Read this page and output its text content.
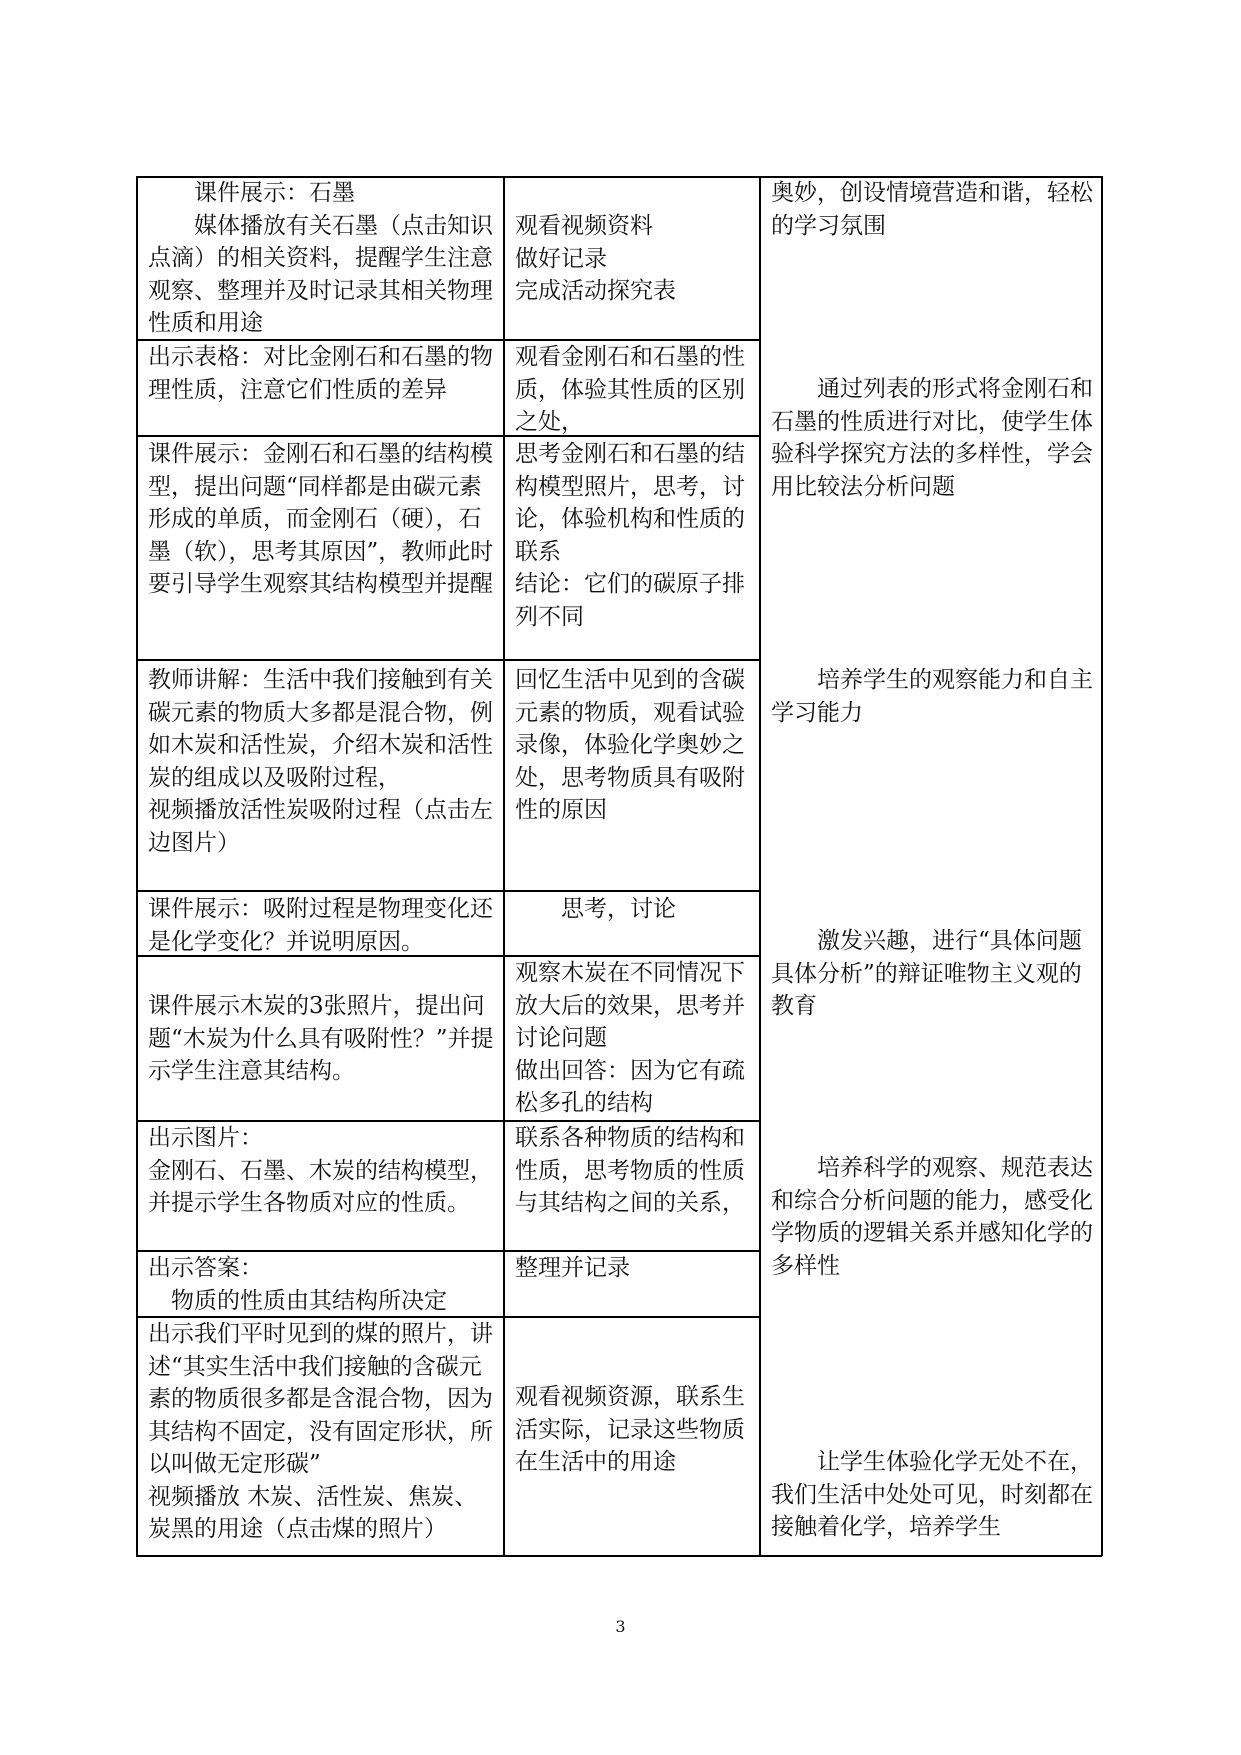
　　课件展示：石墨
　　媒体播放有关石墨（点击知识点滴）的相关资料，提醒学生注意观察、整理并及时记录其相关物理性质和用途
出示表格：对比金刚石和石墨的物理性质，注意它们性质的差异
课件展示：金刚石和石墨的结构模型，提出问题“同样都是由碳元素形成的单质，而金刚石（硬），石墨（软），思考其原因”，教师此时要引导学生观察其结构模型并提醒
教师讲解：生活中我们接触到有关碳元素的物质大多都是混合物，例如木炭和活性炭，介绍木炭和活性炭的组成以及吸附过程，
视频播放活性炭吸附过程（点击左边图片）
课件展示：吸附过程是物理变化还是化学变化？并说明原因。
课件展示木炭的3张照片，提出问题“木炭为什么具有吸附性？”并提示学生注意其结构。
出示图片：
金刚石、石墨、木炭的结构模型，并提示学生各物质对应的性质。
出示答案：
　物质的性质由其结构所决定
出示我们平时见到的煤的照片，讲述“其实生活中我们接触的含碳元素的物质很多都是含混合物，因为其结构不固定，没有固定形状，所以叫做无定形碳”
视频播放 木炭、活性炭、焦炭、炭黑的用途（点击煤的照片）
观看视频资料
做好记录
完成活动探究表
观看金刚石和石墨的性质，体验其性质的区别之处，
思考金刚石和石墨的结构模型照片，思考，讨论，体验机构和性质的联系
结论：它们的碳原子排列不同
回忆生活中见到的含碳元素的物质，观看试验录像，体验化学奥妙之处，思考物质具有吸附性的原因
　　思考，讨论
观察木炭在不同情况下放大后的效果，思考并讨论问题
做出回答：因为它有疏松多孔的结构
联系各种物质的结构和性质，思考物质的性质与其结构之间的关系，
整理并记录
观看视频资源，联系生活实际，记录这些物质在生活中的用途
奥妙，创设情境营造和谐，轻松的学习氛围
　　通过列表的形式将金刚石和石墨的性质进行对比，使学生体验科学探究方法的多样性，学会用比较法分析问题
　　培养学生的观察能力和自主学习能力
　　激发兴趣，进行“具体问题具体分析”的辩证唯物主义观的教育
　　培养科学的观察、规范表达和综合分析问题的能力，感受化学物质的逻辑关系并感知化学的多样性
　　让学生体验化学无处不在，我们生活中处处可见，时刻都在接触着化学，培养学生
3
